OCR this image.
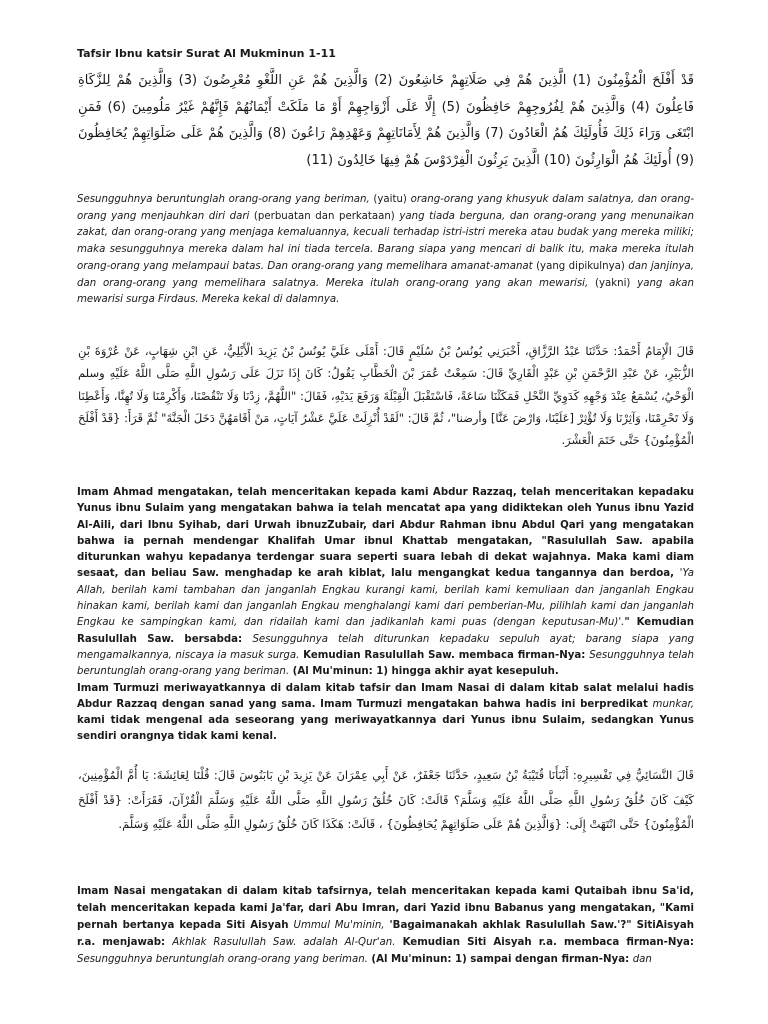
Tafsir Ibnu katsir Surat Al Mukminun 1-11
قَدْ أَفْلَحَ الْمُؤْمِنُونَ (1) الَّذِينَ هُمْ فِي صَلَاتِهِمْ خَاشِعُونَ (2) وَالَّذِينَ هُمْ عَنِ اللَّغْوِ مُعْرِضُونَ (3) وَالَّذِينَ هُمْ لِلزَّكَاةِ فَاعِلُونَ (4) وَالَّذِينَ هُمْ لِفُرُوجِهِمْ حَافِظُونَ (5) إِلَّا عَلَى أَزْوَاجِهِمْ أَوْ مَا مَلَكَتْ أَيْمَانُهُمْ فَإِنَّهُمْ غَيْرُ مَلُومِينَ (6) فَمَنِ ابْتَغَى وَرَاءَ ذَلِكَ فَأُولَئِكَ هُمُ الْعَادُونَ (7) وَالَّذِينَ هُمْ لِأَمَانَاتِهِمْ وَعَهْدِهِمْ رَاعُونَ (8) وَالَّذِينَ هُمْ عَلَى صَلَوَاتِهِمْ يُحَافِظُونَ (9) أُولَئِكَ هُمُ الْوَارِثُونَ (10) الَّذِينَ يَرِثُونَ الْفِرْدَوْسَ هُمْ فِيهَا خَالِدُونَ (11)
Sesungguhnya beruntunglah orang-orang yang beriman, (yaitu) orang-orang yang khusyuk dalam salatnya, dan orang-orang yang menjauhkan diri dari (perbuatan dan perkataan) yang tiada berguna, dan orang-orang yang menunaikan zakat, dan orang-orang yang menjaga kemaluannya, kecuali terhadap istri-istri mereka atau budak yang mereka miliki; maka sesungguhnya mereka dalam hal ini tiada tercela. Barang siapa yang mencari di balik itu, maka mereka itulah orang-orang yang melampaui batas. Dan orang-orang yang memelihara amanat-amanat (yang dipikulnya) dan janjinya, dan orang-orang yang memelihara salatnya. Mereka itulah orang-orang yang akan mewarisi, (yakni) yang akan mewarisi surga Firdaus. Mereka kekal di dalamnya.
قَالَ الْإِمَامُ أَحْمَدُ: حَدَّثَنَا عَبْدُ الرَّزَّاقِ، أَخْبَرَنِي يُونُسُ بْنُ سُلَيْمٍ قَالَ: أَمْلَى عَلَيَّ يُونُسُ بْنُ يَزِيدَ الْأَيْلِيُّ، عَنِ ابْنِ شِهَابٍ، عَنْ عُرْوَةَ بْنِ الزُّبَيْرِ، عَنْ عَبْدِ الرَّحْمَنِ بْنِ عَبْدٍ الْقَارِيِّ قَالَ: سَمِعْتُ عُمَرَ بْنَ الْخَطَّابِ يَقُولُ: كَانَ إِذَا نَزَلَ عَلَى رَسُولِ اللَّهِ صَلَّى اللَّهُ عَلَيْهِ وسلم الْوَحْيُ، يُسْمَعُ عِنْدَ وَجْهِهِ كَدَوِيِّ النَّحْلِ فَمَكَثْنَا سَاعَةً، فَاسْتَقْبَلَ الْقِبْلَةَ وَرَفَعَ يَدَيْهِ، فَقَالَ: "اللَّهُمَّ، زِدْنَا وَلَا تَنْقُصْنَا، وَأَكْرِمْنَا وَلَا تُهِنَّا، وَأَعْطِنَا وَلَا تَحْرِمْنَا، وَآثِرْنَا وَلَا تُؤْثِرْ [عَلَيْنَا، وَارْضَ عَنَّا] وأرضنا"، ثُمَّ قَالَ: "لَقَدْ أُنْزِلَتْ عَلَيَّ عَشْرُ آيَاتٍ، مَنْ أَقَامَهُنَّ دَخَلَ الْجَنَّةَ" ثُمَّ قَرَأَ: {قَدْ أَفْلَحَ الْمُؤْمِنُونَ} حَتَّى خَتَمَ الْعَشْرَ.
Imam Ahmad mengatakan, telah menceritakan kepada kami Abdur Razzaq, telah menceritakan kepadaku Yunus ibnu Sulaim yang mengatakan bahwa ia telah mencatat apa yang didiktekan oleh Yunus ibnu Yazid Al-Aili, dari Ibnu Syihab, dari Urwah ibnuzZubair, dari Abdur Rahman ibnu Abdul Qari yang mengatakan bahwa ia pernah mendengar Khalifah Umar ibnul Khattab mengatakan, "Rasulullah Saw. apabila diturunkan wahyu kepadanya terdengar suara seperti suara lebah di dekat wajahnya. Maka kami diam sesaat, dan beliau Saw. menghadap ke arah kiblat, lalu mengangkat kedua tangannya dan berdoa, 'Ya Allah, berilah kami tambahan dan janganlah Engkau kurangi kami, berilah kami kemuliaan dan janganlah Engkau hinakan kami, berilah kami dan janganlah Engkau menghalangi kami dari pemberian-Mu, pilihlah kami dan janganlah Engkau ke sampingkan kami, dan ridailah kami dan jadikanlah kami puas (dengan keputusan-Mu)'." Kemudian Rasulullah Saw. bersabda: Sesungguhnya telah diturunkan kepadaku sepuluh ayat; barang siapa yang mengamalkannya, niscaya ia masuk surga. Kemudian Rasulullah Saw. membaca firman-Nya: Sesungguhnya telah beruntunglah orang-orang yang beriman. (Al Mu'minun: 1) hingga akhir ayat kesepuluh.
Imam Turmuzi meriwayatkannya di dalam kitab tafsir dan Imam Nasai di dalam kitab salat melalui hadis Abdur Razzaq dengan sanad yang sama. Imam Turmuzi mengatakan bahwa hadis ini berpredikat munkar, kami tidak mengenal ada seseorang yang meriwayatkannya dari Yunus ibnu Sulaim, sedangkan Yunus sendiri orangnya tidak kami kenal.
قَالَ النَّسَائِيُّ فِي تَفْسِيرِهِ: أَنْبَأَنَا قُتَيْبَةُ بْنُ سَعِيدٍ، حَدَّثَنَا جَعْفَرٌ، عَنْ أَبِي عِمْرَانَ عَنْ يَزِيدَ بْنِ بَابَنُوسَ قَالَ: قُلْنَا لِعَائِشَةَ: يَا أُمَّ الْمُؤْمِنِينَ، كَيْفَ كَانَ خُلُقُ رَسُولِ اللَّهِ صَلَّى اللَّهُ عَلَيْهِ وَسَلَّمَ؟ قَالَتْ: كَانَ خُلُقُ رَسُولِ اللَّهِ صَلَّى اللَّهُ عَلَيْهِ وَسَلَّمَ الْقُرْآنَ، فَقَرَأَتْ: {قَدْ أَفْلَحَ الْمُؤْمِنُونَ} حَتَّى انْتَهَتْ إِلَى: {وَالَّذِينَ هُمْ عَلَى صَلَوَاتِهِمْ يُحَافِظُونَ} ، قَالَتْ: هَكَذَا كَانَ خُلُقُ رَسُولِ اللَّهِ صَلَّى اللَّهُ عَلَيْهِ وَسَلَّمَ.
Imam Nasai mengatakan di dalam kitab tafsirnya, telah menceritakan kepada kami Qutaibah ibnu Sa'id, telah menceritakan kepada kami Ja'far, dari Abu Imran, dari Yazid ibnu Babanus yang mengatakan, "Kami pernah bertanya kepada Siti Aisyah Ummul Mu'minin, 'Bagaimanakah akhlak Rasulullah Saw.'?" SitiAisyah r.a. menjawab: Akhlak Rasulullah Saw. adalah Al-Qur'an. Kemudian Siti Aisyah r.a. membaca firman-Nya: Sesungguhnya beruntunglah orang-orang yang beriman. (Al Mu'minun: 1) sampai dengan firman-Nya: dan
